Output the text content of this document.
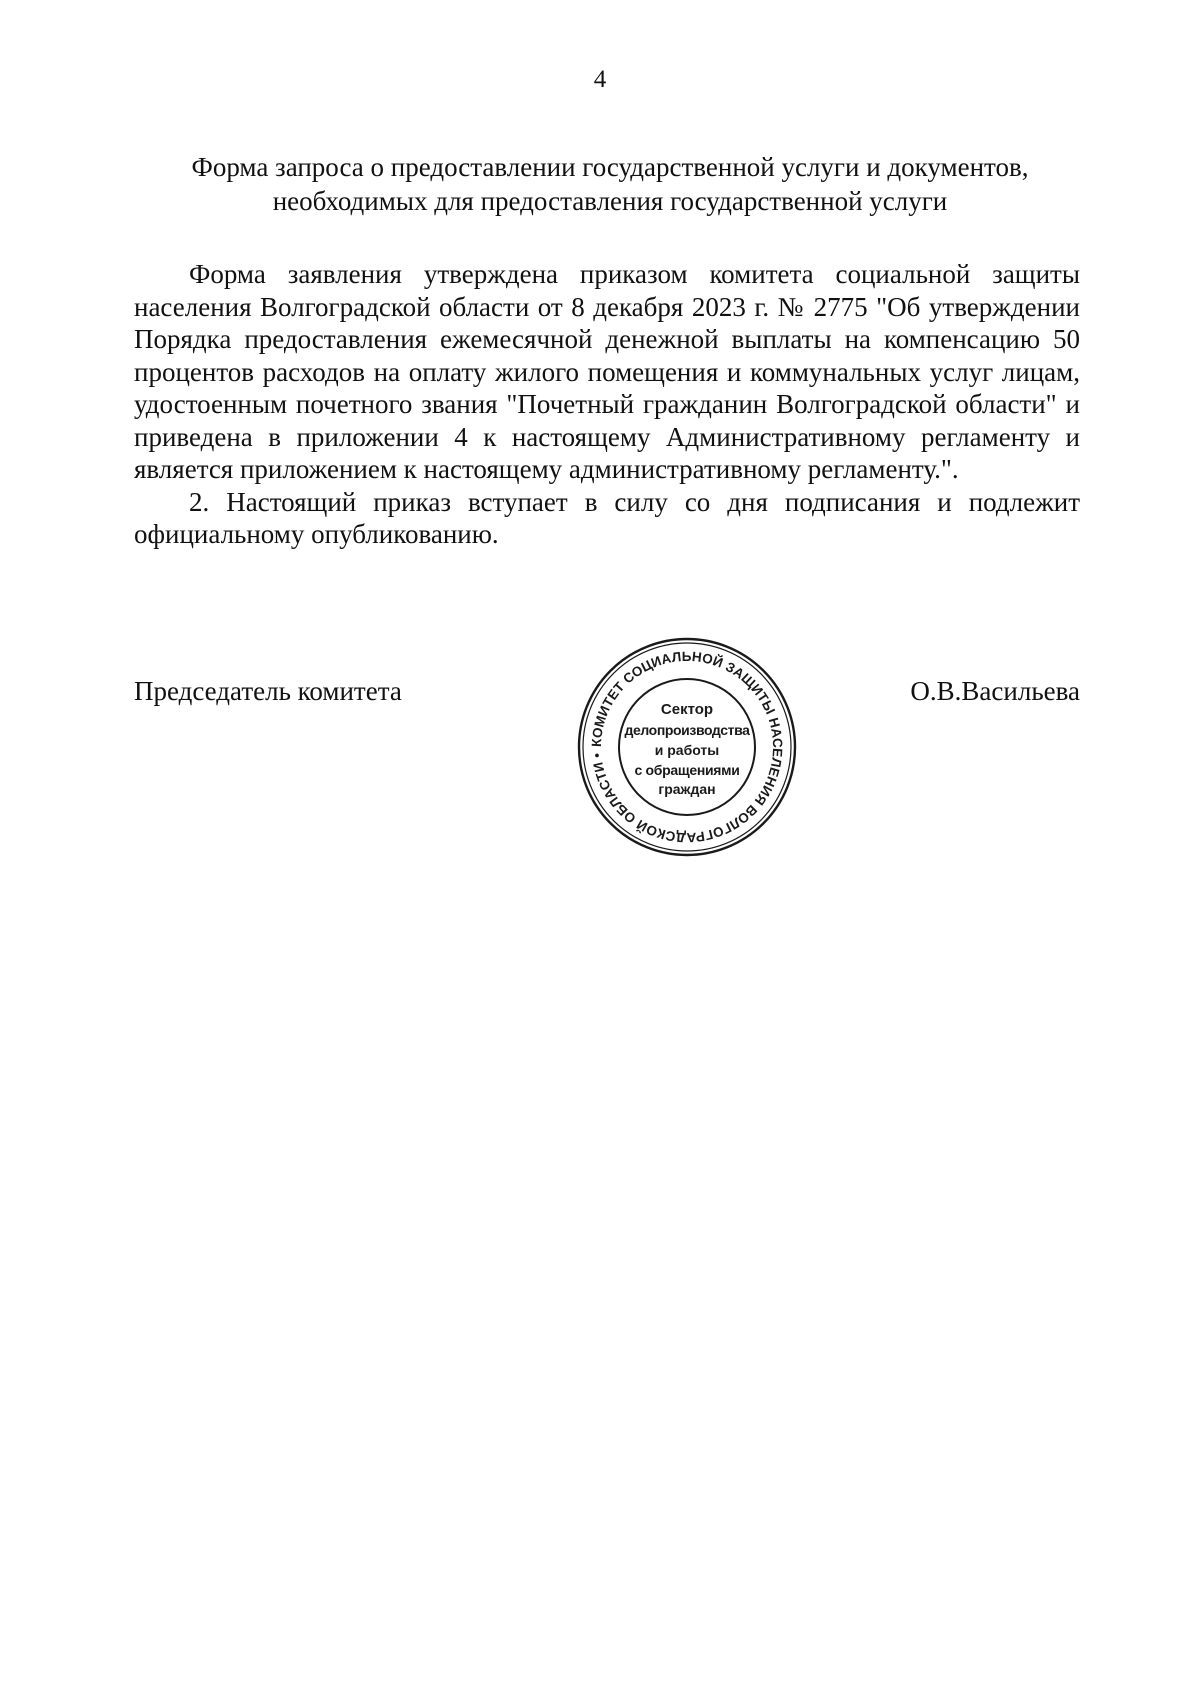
4
Форма запроса о предоставлении государственной услуги и документов,
необходимых для предоставления государственной услуги

Форма заявления утверждена приказом комитета социальной защиты населения Волгоградской области от 8 декабря 2023 г. № 2775 "Об утверждении Порядка предоставления ежемесячной денежной выплаты на компенсацию 50 процентов расходов на оплату жилого помещения и коммунальных услуг лицам, удостоенным почетного звания "Почетный гражданин Волгоградской области" и приведена в приложении 4 к настоящему Административному регламенту и является приложением к настоящему административному регламенту.".

2. Настоящий приказ вступает в силу со дня подписания и подлежит официальному опубликованию.

Председатель комитета	О.В.Васильева
КОМИТЕТ СОЦИАЛЬНОЙ ЗАЩИТЫ НАСЕЛЕНИЯ ВОЛГОГРАДСКОЙ ОБЛАСТИ •
Сектор
делопроизводства
и работы
с обращениями
граждан
